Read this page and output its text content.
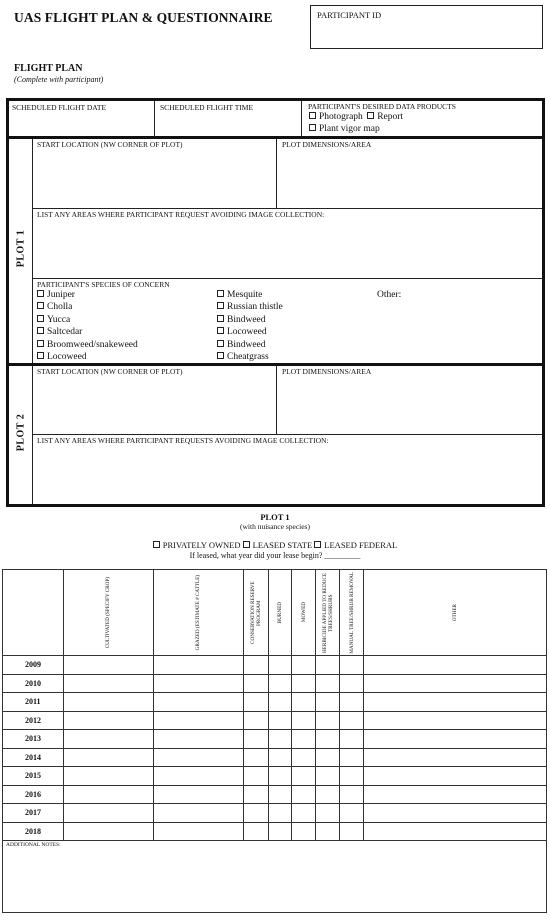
UAS FLIGHT PLAN & QUESTIONNAIRE	PARTICIPANT ID
FLIGHT PLAN
(Complete with participant)
SCHEDULED FLIGHT DATE	SCHEDULED FLIGHT TIME	PARTICIPANT'S DESIRED DATA PRODUCTS
Photograph Report
Plant vigor map
PLOT 1
START LOCATION (NW CORNER OF PLOT)	PLOT DIMENSIONS/AREA
LIST ANY AREAS WHERE PARTICIPANT REQUEST AVOIDING IMAGE COLLECTION:
PARTICIPANT'S SPECIES OF CONCERN
Juniper
Cholla
Yucca
Saltcedar
Broomweed/snakeweed
Locoweed
Mesquite
Russian thistle
Bindweed
Locoweed
Bindweed
Cheatgrass
Other:
PLOT 2
START LOCATION (NW CORNER OF PLOT)	PLOT DIMENSIONS/AREA
LIST ANY AREAS WHERE PARTICIPANT REQUESTS AVOIDING IMAGE COLLECTION:
PLOT 1
(with nuisance species)
PRIVATELY OWNED LEASED STATE LEASED FEDERAL
If leased, what year did your lease begin? _________

	CULTIVATED (SPECIFY CROP)	GRAZED (ESTIMATE # CATTLE)	CONSERVATION RESERVE PROGRAM	BURNED	MOWED	HERBICIDE APPLIED TO REDUCE TREES/SHRUBS	MANUAL TREE/SHRUB REMOVAL	OTHER

2009								
2010								
2011								
2012								
2013								
2014								
2015								
2016								
2017								
2018								
ADDITIONAL NOTES:								
